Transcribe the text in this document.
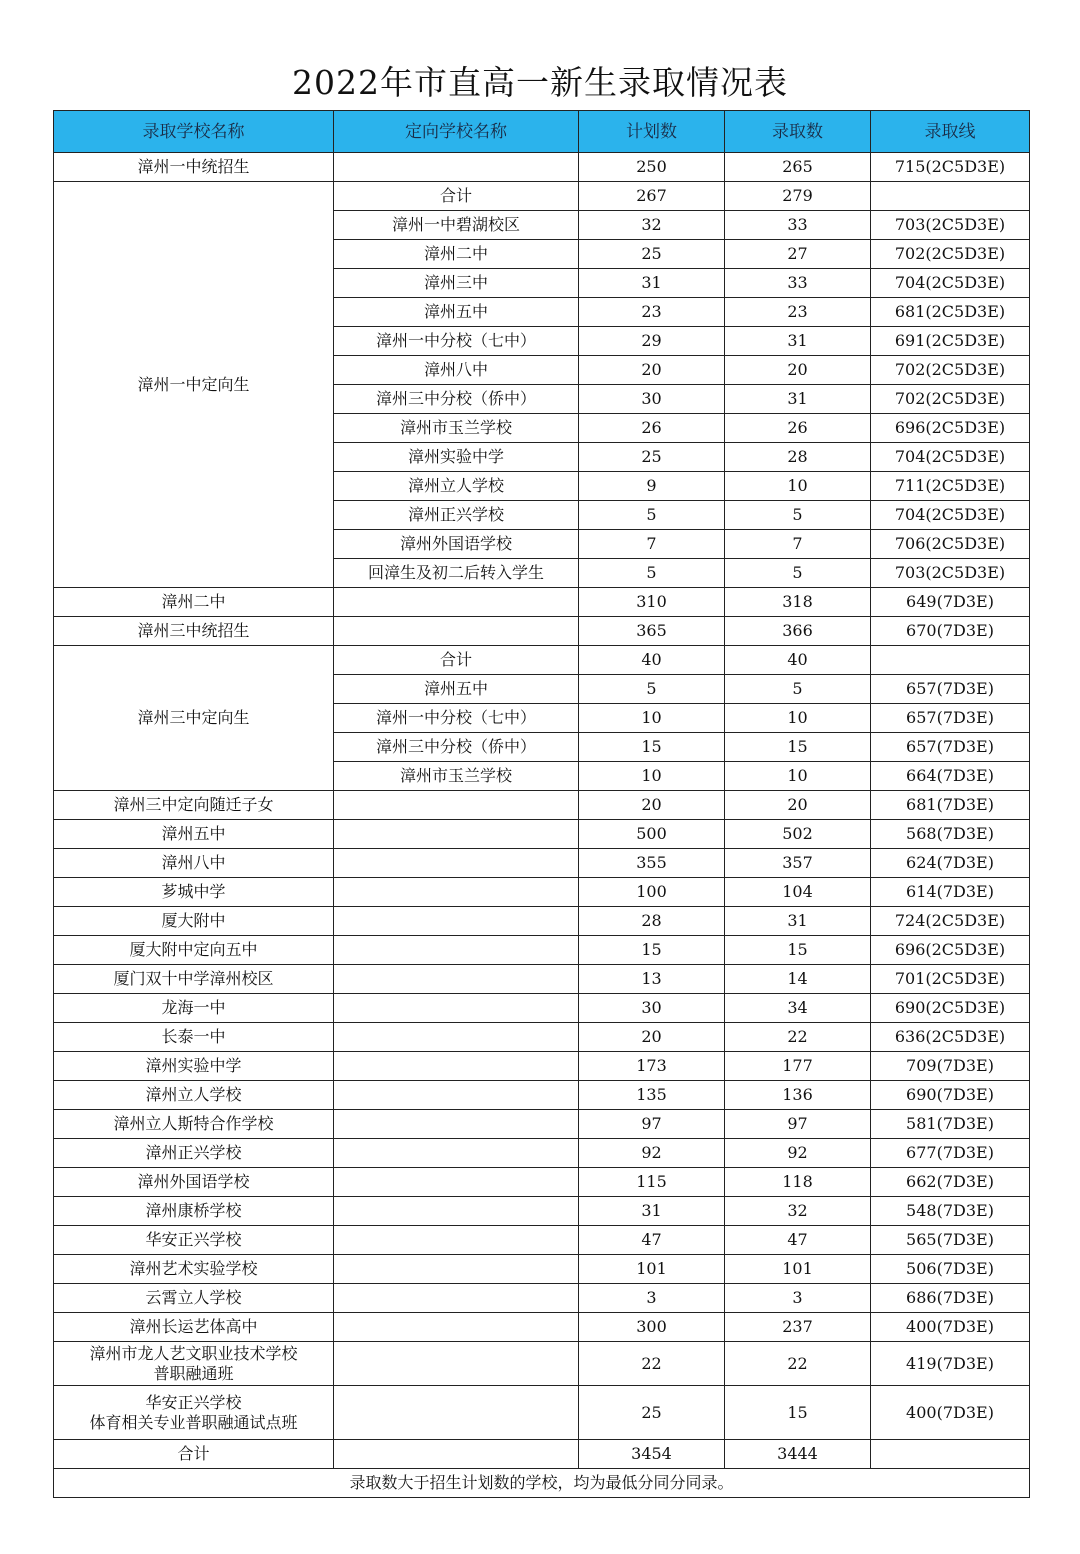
2022年市直高一新生录取情况表
录取学校名称	定向学校名称	计划数	录取数	录取线
漳州一中统招生		250	265	715(2C5D3E)
漳州一中定向生	合计	267	279	
	漳州一中碧湖校区	32	33	703(2C5D3E)
	漳州二中	25	27	702(2C5D3E)
	漳州三中	31	33	704(2C5D3E)
	漳州五中	23	23	681(2C5D3E)
	漳州一中分校（七中）	29	31	691(2C5D3E)
	漳州八中	20	20	702(2C5D3E)
	漳州三中分校（侨中）	30	31	702(2C5D3E)
	漳州市玉兰学校	26	26	696(2C5D3E)
	漳州实验中学	25	28	704(2C5D3E)
	漳州立人学校	9	10	711(2C5D3E)
	漳州正兴学校	5	5	704(2C5D3E)
	漳州外国语学校	7	7	706(2C5D3E)
	回漳生及初二后转入学生	5	5	703(2C5D3E)
漳州二中		310	318	649(7D3E)
漳州三中统招生		365	366	670(7D3E)
漳州三中定向生	合计	40	40	
	漳州五中	5	5	657(7D3E)
	漳州一中分校（七中）	10	10	657(7D3E)
	漳州三中分校（侨中）	15	15	657(7D3E)
	漳州市玉兰学校	10	10	664(7D3E)
漳州三中定向随迁子女		20	20	681(7D3E)
漳州五中		500	502	568(7D3E)
漳州八中		355	357	624(7D3E)
芗城中学		100	104	614(7D3E)
厦大附中		28	31	724(2C5D3E)
厦大附中定向五中		15	15	696(2C5D3E)
厦门双十中学漳州校区		13	14	701(2C5D3E)
龙海一中		30	34	690(2C5D3E)
长泰一中		20	22	636(2C5D3E)
漳州实验中学		173	177	709(7D3E)
漳州立人学校		135	136	690(7D3E)
漳州立人斯特合作学校		97	97	581(7D3E)
漳州正兴学校		92	92	677(7D3E)
漳州外国语学校		115	118	662(7D3E)
漳州康桥学校		31	32	548(7D3E)
华安正兴学校		47	47	565(7D3E)
漳州艺术实验学校		101	101	506(7D3E)
云霄立人学校		3	3	686(7D3E)
漳州长运艺体高中		300	237	400(7D3E)
漳州市龙人艺文职业技术学校
普职融通班		22	22	419(7D3E)
华安正兴学校
体育相关专业普职融通试点班		25	15	400(7D3E)
合计		3454	3444	
录取数大于招生计划数的学校，均为最低分同分同录。				
